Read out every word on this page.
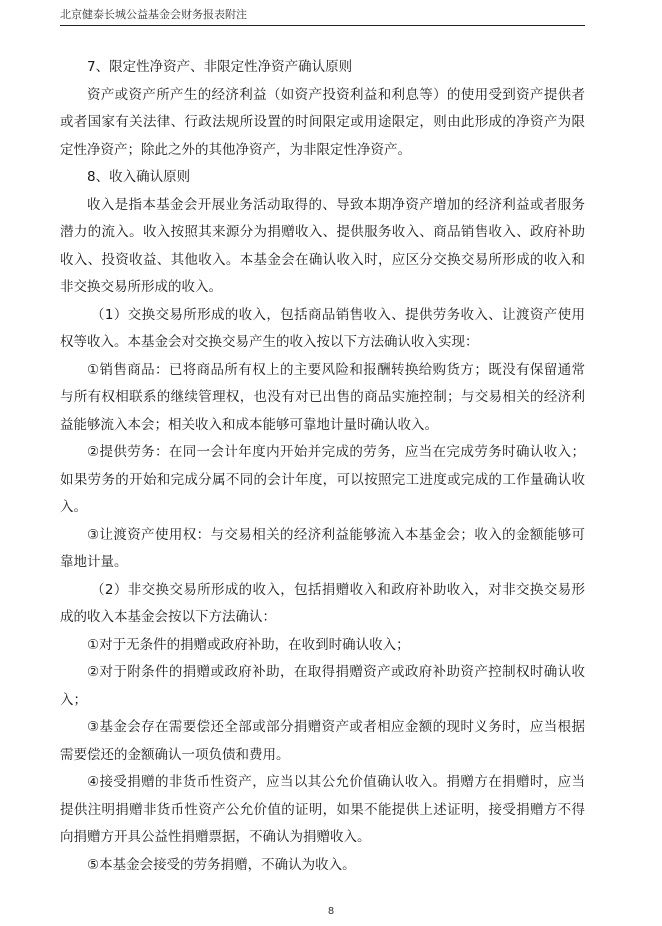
北京健泰长城公益基金会财务报表附注

7、限定性净资产、非限定性净资产确认原则

资产或资产所产生的经济利益（如资产投资利益和利息等）的使用受到资产提供者或者国家有关法律、行政法规所设置的时间限定或用途限定，则由此形成的净资产为限定性净资产；除此之外的其他净资产，为非限定性净资产。

8、收入确认原则

收入是指本基金会开展业务活动取得的、导致本期净资产增加的经济利益或者服务潜力的流入。收入按照其来源分为捐赠收入、提供服务收入、商品销售收入、政府补助收入、投资收益、其他收入。本基金会在确认收入时，应区分交换交易所形成的收入和非交换交易所形成的收入。

（1）交换交易所形成的收入，包括商品销售收入、提供劳务收入、让渡资产使用权等收入。本基金会对交换交易产生的收入按以下方法确认收入实现：

①销售商品：已将商品所有权上的主要风险和报酬转换给购货方；既没有保留通常与所有权相联系的继续管理权，也没有对已出售的商品实施控制；与交易相关的经济利益能够流入本会；相关收入和成本能够可靠地计量时确认收入。

②提供劳务：在同一会计年度内开始并完成的劳务，应当在完成劳务时确认收入；如果劳务的开始和完成分属不同的会计年度，可以按照完工进度或完成的工作量确认收入。

③让渡资产使用权：与交易相关的经济利益能够流入本基金会；收入的金额能够可靠地计量。

（2）非交换交易所形成的收入，包括捐赠收入和政府补助收入，对非交换交易形成的收入本基金会按以下方法确认：

①对于无条件的捐赠或政府补助，在收到时确认收入；

②对于附条件的捐赠或政府补助，在取得捐赠资产或政府补助资产控制权时确认收入；

③基金会存在需要偿还全部或部分捐赠资产或者相应金额的现时义务时，应当根据需要偿还的金额确认一项负债和费用。

④接受捐赠的非货币性资产，应当以其公允价值确认收入。捐赠方在捐赠时，应当提供注明捐赠非货币性资产公允价值的证明，如果不能提供上述证明，接受捐赠方不得向捐赠方开具公益性捐赠票据，不确认为捐赠收入。

⑤本基金会接受的劳务捐赠，不确认为收入。

8
